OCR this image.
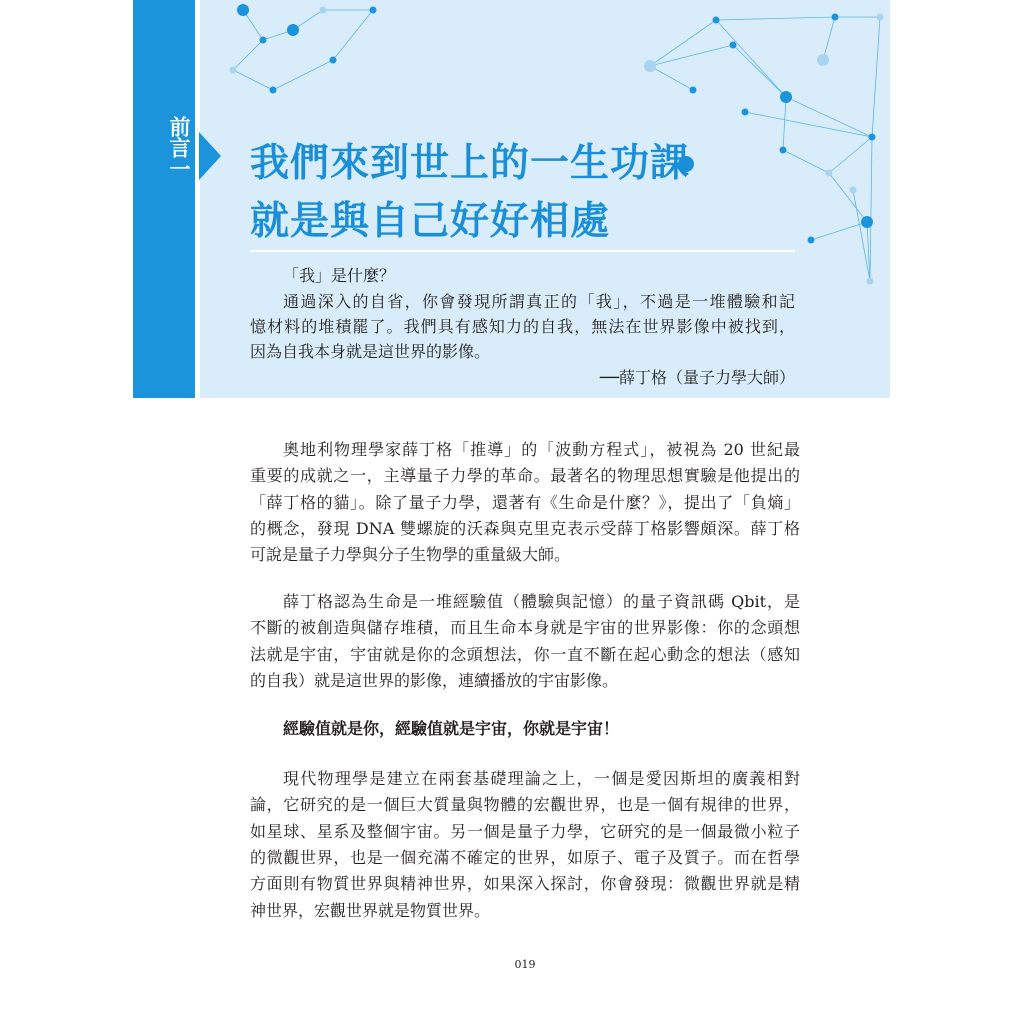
前言一 我們來到世上的一生功課
就是與自己好好相處
「我」是什麼？
通過深入的自省，你會發現所謂真正的「我」，不過是一堆體驗和記
憶材料的堆積罷了。我們具有感知力的自我，無法在世界影像中被找到，
因為自我本身就是這世界的影像。
──薛丁格（量子力學大師）
奧地利物理學家薛丁格「推導」的「波動方程式」，被視為 20 世紀最
重要的成就之一，主導量子力學的革命。最著名的物理思想實驗是他提出的
「薛丁格的貓」。除了量子力學，還著有《生命是什麼？》，提出了「負熵」
的概念，發現 DNA 雙螺旋的沃森與克里克表示受薛丁格影響頗深。薛丁格
可說是量子力學與分子生物學的重量級大師。
薛丁格認為生命是一堆經驗值（體驗與記憶）的量子資訊碼 Qbit，是
不斷的被創造與儲存堆積，而且生命本身就是宇宙的世界影像：你的念頭想
法就是宇宙，宇宙就是你的念頭想法，你一直不斷在起心動念的想法（感知
的自我）就是這世界的影像，連續播放的宇宙影像。
經驗值就是你，經驗值就是宇宙，你就是宇宙！
現代物理學是建立在兩套基礎理論之上，一個是愛因斯坦的廣義相對
論，它研究的是一個巨大質量與物體的宏觀世界，也是一個有規律的世界，
如星球、星系及整個宇宙。另一個是量子力學，它研究的是一個最微小粒子
的微觀世界，也是一個充滿不確定的世界，如原子、電子及質子。而在哲學
方面則有物質世界與精神世界，如果深入探討，你會發現：微觀世界就是精
神世界，宏觀世界就是物質世界。
019
